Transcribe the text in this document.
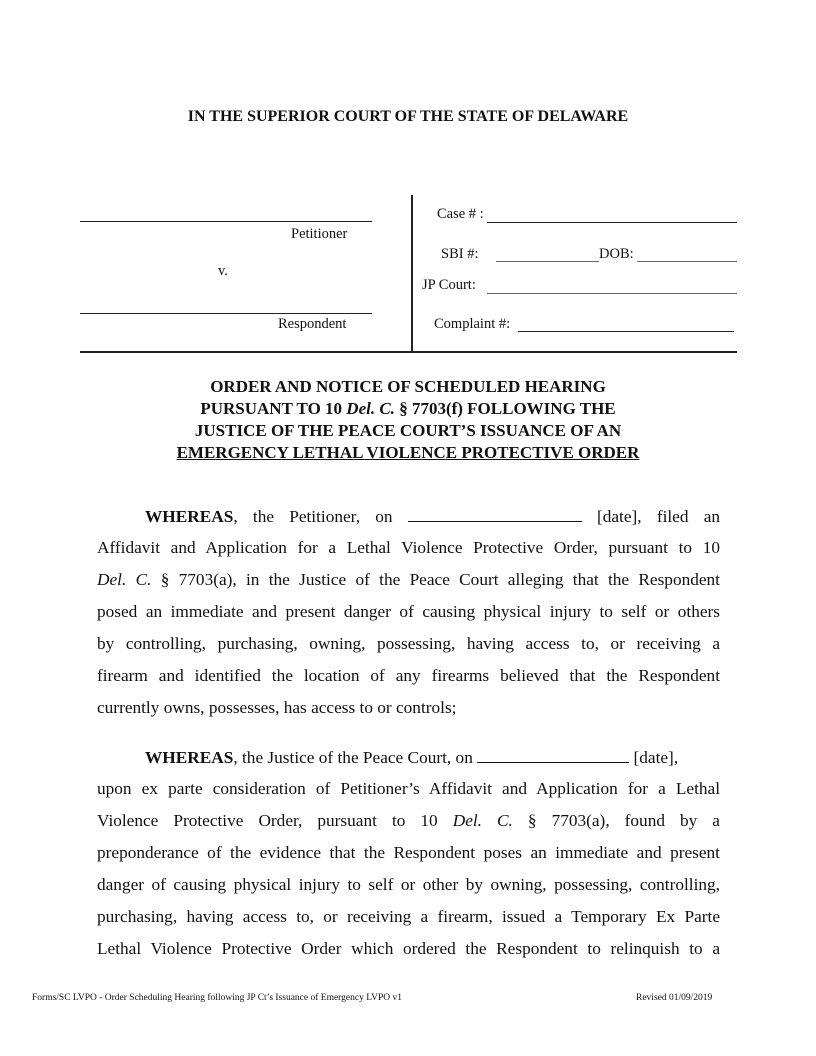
IN THE SUPERIOR COURT OF THE STATE OF DELAWARE
Petitioner
v.
Respondent
Case # :
SBI #:	DOB:
JP Court:
Complaint #:
ORDER AND NOTICE OF SCHEDULED HEARING
PURSUANT TO 10 Del. C. § 7703(f) FOLLOWING THE
JUSTICE OF THE PEACE COURT’S ISSUANCE OF AN
EMERGENCY LETHAL VIOLENCE PROTECTIVE ORDER
WHEREAS, the Petitioner, on	[date], filed an
Affidavit and Application for a Lethal Violence Protective Order, pursuant to 10
Del. C. § 7703(a), in the Justice of the Peace Court alleging that the Respondent
posed an immediate and present danger of causing physical injury to self or others
by controlling, purchasing, owning, possessing, having access to, or receiving a
firearm and identified the location of any firearms believed that the Respondent
currently owns, possesses, has access to or controls;
WHEREAS, the Justice of the Peace Court, on	[date],
upon ex parte consideration of Petitioner’s Affidavit and Application for a Lethal
Violence Protective Order, pursuant to 10 Del. C. § 7703(a), found by a
preponderance of the evidence that the Respondent poses an immediate and present
danger of causing physical injury to self or other by owning, possessing, controlling,
purchasing, having access to, or receiving a firearm, issued a Temporary Ex Parte
Lethal Violence Protective Order which ordered the Respondent to relinquish to a
Forms/SC LVPO - Order Scheduling Hearing following JP Ct’s Issuance of Emergency LVPO v1	Revised 01/09/2019
